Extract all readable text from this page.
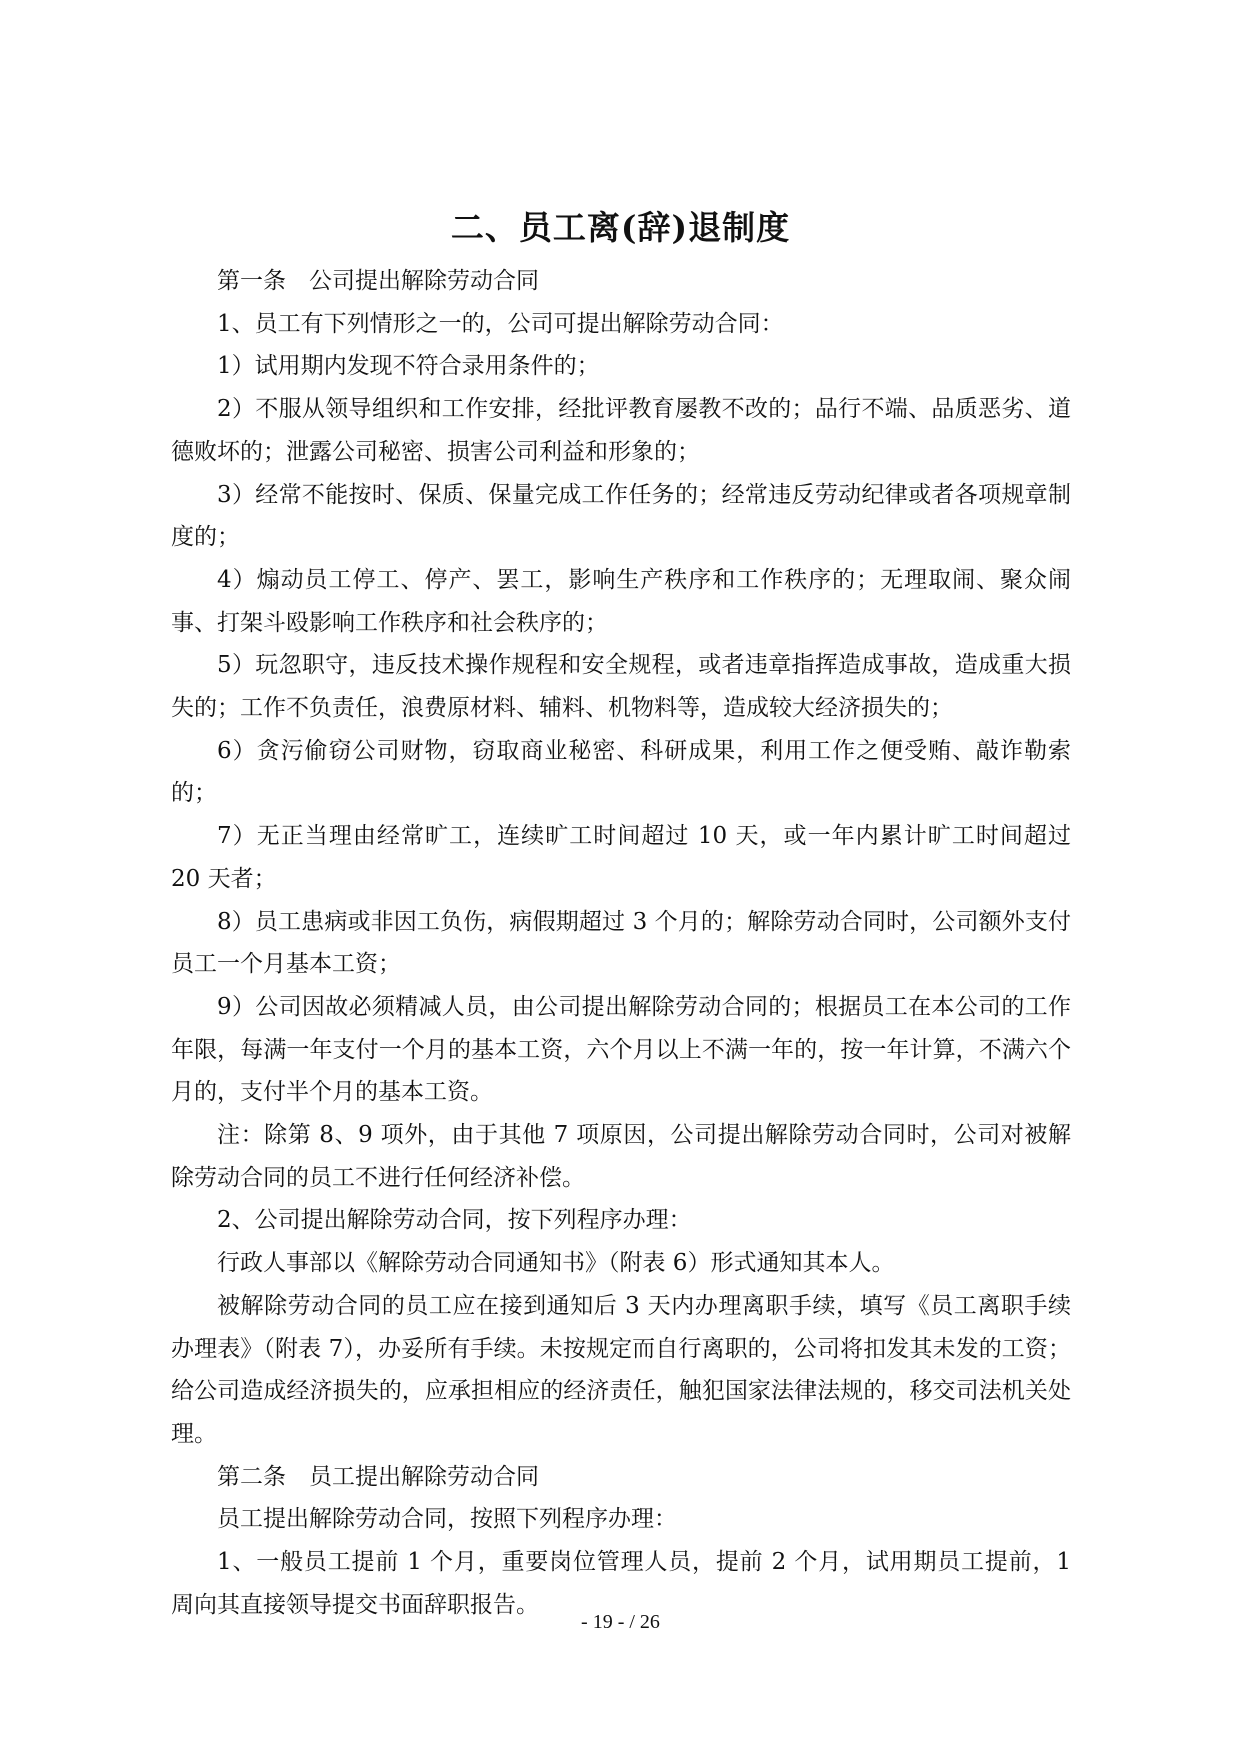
二、员工离(辞)退制度

第一条　公司提出解除劳动合同

1、员工有下列情形之一的，公司可提出解除劳动合同：

1）试用期内发现不符合录用条件的；

2）不服从领导组织和工作安排，经批评教育屡教不改的；品行不端、品质恶劣、道德败坏的；泄露公司秘密、损害公司利益和形象的；

3）经常不能按时、保质、保量完成工作任务的；经常违反劳动纪律或者各项规章制度的；

4）煽动员工停工、停产、罢工，影响生产秩序和工作秩序的；无理取闹、聚众闹事、打架斗殴影响工作秩序和社会秩序的；

5）玩忽职守，违反技术操作规程和安全规程，或者违章指挥造成事故，造成重大损失的；工作不负责任，浪费原材料、辅料、机物料等，造成较大经济损失的；

6）贪污偷窃公司财物，窃取商业秘密、科研成果，利用工作之便受贿、敲诈勒索的；

7）无正当理由经常旷工，连续旷工时间超过 10 天，或一年内累计旷工时间超过 20 天者；

8）员工患病或非因工负伤，病假期超过 3 个月的；解除劳动合同时，公司额外支付员工一个月基本工资；

9）公司因故必须精减人员，由公司提出解除劳动合同的；根据员工在本公司的工作年限，每满一年支付一个月的基本工资，六个月以上不满一年的，按一年计算，不满六个月的，支付半个月的基本工资。

注：除第 8、9 项外，由于其他 7 项原因，公司提出解除劳动合同时，公司对被解除劳动合同的员工不进行任何经济补偿。

2、公司提出解除劳动合同，按下列程序办理：

行政人事部以《解除劳动合同通知书》（附表 6）形式通知其本人。

被解除劳动合同的员工应在接到通知后 3 天内办理离职手续，填写《员工离职手续办理表》（附表 7），办妥所有手续。未按规定而自行离职的，公司将扣发其未发的工资；给公司造成经济损失的，应承担相应的经济责任，触犯国家法律法规的，移交司法机关处理。

第二条　员工提出解除劳动合同

员工提出解除劳动合同，按照下列程序办理：

1、一般员工提前 1 个月，重要岗位管理人员，提前 2 个月，试用期员工提前，1 周向其直接领导提交书面辞职报告。

- 19 - / 26
